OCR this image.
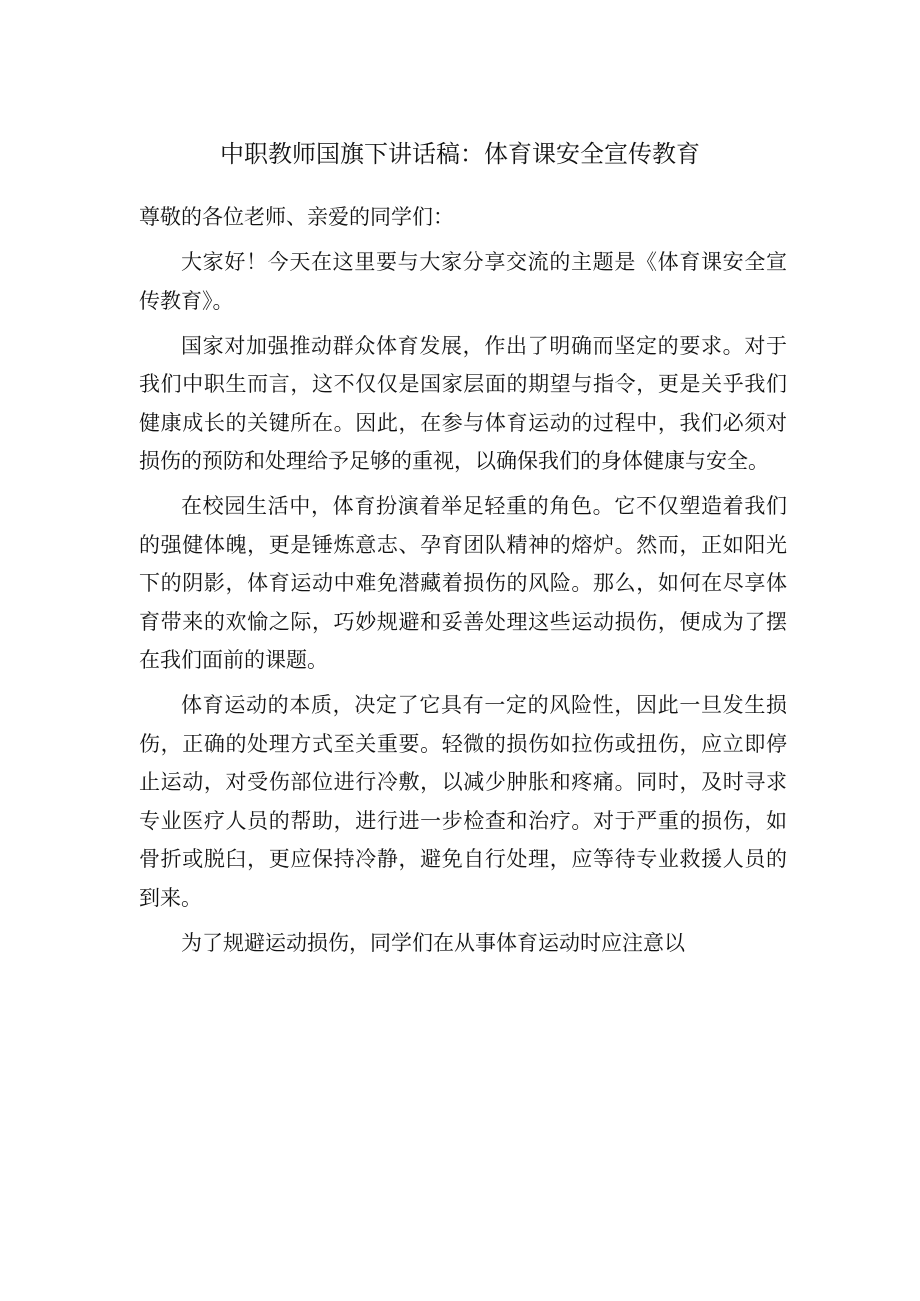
中职教师国旗下讲话稿：体育课安全宣传教育

尊敬的各位老师、亲爱的同学们：

大家好！今天在这里要与大家分享交流的主题是《体育课安全宣传教育》。

国家对加强推动群众体育发展，作出了明确而坚定的要求。对于我们中职生而言，这不仅仅是国家层面的期望与指令，更是关乎我们健康成长的关键所在。因此，在参与体育运动的过程中，我们必须对损伤的预防和处理给予足够的重视，以确保我们的身体健康与安全。

在校园生活中，体育扮演着举足轻重的角色。它不仅塑造着我们的强健体魄，更是锤炼意志、孕育团队精神的熔炉。然而，正如阳光下的阴影，体育运动中难免潜藏着损伤的风险。那么，如何在尽享体育带来的欢愉之际，巧妙规避和妥善处理这些运动损伤，便成为了摆在我们面前的课题。

体育运动的本质，决定了它具有一定的风险性，因此一旦发生损伤，正确的处理方式至关重要。轻微的损伤如拉伤或扭伤，应立即停止运动，对受伤部位进行冷敷，以减少肿胀和疼痛。同时，及时寻求专业医疗人员的帮助，进行进一步检查和治疗。对于严重的损伤，如骨折或脱臼，更应保持冷静，避免自行处理，应等待专业救援人员的到来。

为了规避运动损伤，同学们在从事体育运动时应注意以
